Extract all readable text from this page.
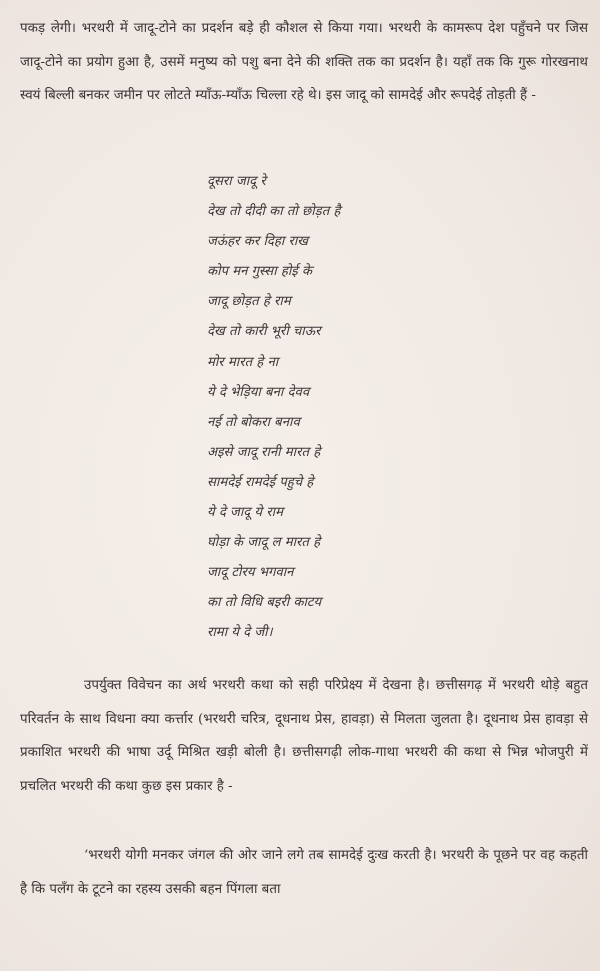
पकड़ लेगी। भरथरी में जादू-टोने का प्रदर्शन बड़े ही कौशल से किया गया। भरथरी के कामरूप देश पहुँचने पर जिस जादू-टोने का प्रयोग हुआ है, उसमें मनुष्य को पशु बना देने की शक्ति तक का प्रदर्शन है। यहाँ तक कि गुरू गोरखनाथ स्वयं बिल्ली बनकर जमीन पर लोटते म्याँऊ-म्याँऊ चिल्ला रहे थे। इस जादू को सामदेई और रूपदेई तोड़ती हैं -

दूसरा जादू रे
देख तो दीदी का तो छोड़त है
जऊंहर कर दिहा राख
कोप मन गुस्सा होई के
जादू छोड़त हे राम
देख तो कारी भूरी चाऊर
मोर मारत हे ना
ये दे भेड़िया बना देवव
नई तो बोकरा बनाव
अइसे जादू रानी मारत हे
सामदेई रामदेई पहुचे हे
ये दे जादू ये राम
घोड़ा के जादू ल मारत हे
जादू टोरय भगवान
का तो विधि बइरी काटय
रामा ये दे जी।

उपर्युक्त विवेचन का अर्थ भरथरी कथा को सही परिप्रेक्ष्य में देखना है। छत्तीसगढ़ में भरथरी थोड़े बहुत परिवर्तन के साथ विधना क्या कर्त्तार (भरथरी चरित्र, दूधनाथ प्रेस, हावड़ा) से मिलता जुलता है। दूधनाथ प्रेस हावड़ा से प्रकाशित भरथरी की भाषा उर्दू मिश्रित खड़ी बोली है। छत्तीसगढ़ी लोक-गाथा भरथरी की कथा से भिन्न भोजपुरी में प्रचलित भरथरी की कथा कुछ इस प्रकार है -

‘भरथरी योगी मनकर जंगल की ओर जाने लगे तब सामदेई दुःख करती है। भरथरी के पूछने पर वह कहती है कि पलँग के टूटने का रहस्य उसकी बहन पिंगला बता
